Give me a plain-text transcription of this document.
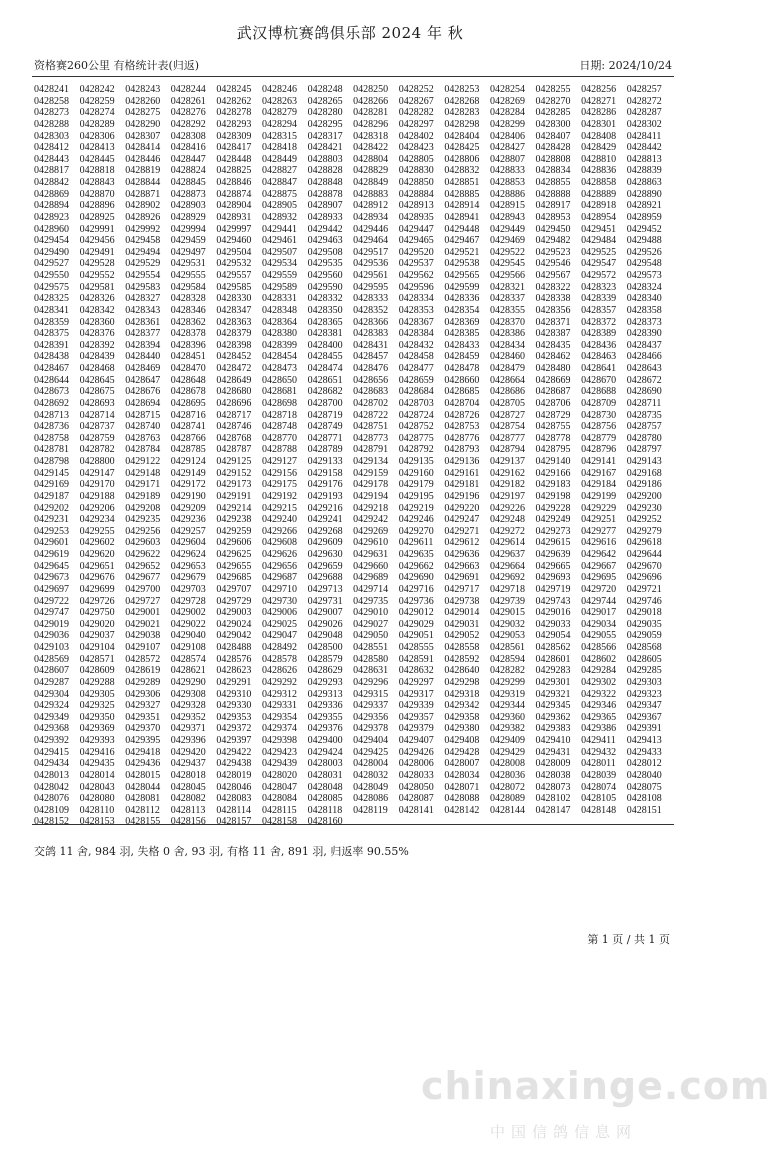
武汉博杭赛鸽俱乐部 2024 年 秋
资格赛260公里 有格统计表(归返)	日期: 2024/10/24
0428241	0428242	0428243	0428244	0428245	0428246	0428248	0428250	0428252	0428253	0428254	0428255	0428256	0428257
0428258	0428259	0428260	0428261	0428262	0428263	0428265	0428266	0428267	0428268	0428269	0428270	0428271	0428272
0428273	0428274	0428275	0428276	0428278	0428279	0428280	0428281	0428282	0428283	0428284	0428285	0428286	0428287
0428288	0428289	0428290	0428292	0428293	0428294	0428295	0428296	0428297	0428298	0428299	0428300	0428301	0428302
0428303	0428306	0428307	0428308	0428309	0428315	0428317	0428318	0428402	0428404	0428406	0428407	0428408	0428411
0428412	0428413	0428414	0428416	0428417	0428418	0428421	0428422	0428423	0428425	0428427	0428428	0428429	0428442
0428443	0428445	0428446	0428447	0428448	0428449	0428803	0428804	0428805	0428806	0428807	0428808	0428810	0428813
0428817	0428818	0428819	0428824	0428825	0428827	0428828	0428829	0428830	0428832	0428833	0428834	0428836	0428839
0428842	0428843	0428844	0428845	0428846	0428847	0428848	0428849	0428850	0428851	0428853	0428855	0428858	0428863
0428869	0428870	0428871	0428873	0428874	0428875	0428878	0428883	0428884	0428885	0428886	0428888	0428889	0428890
0428894	0428896	0428902	0428903	0428904	0428905	0428907	0428912	0428913	0428914	0428915	0428917	0428918	0428921
0428923	0428925	0428926	0428929	0428931	0428932	0428933	0428934	0428935	0428941	0428943	0428953	0428954	0428959
0428960	0429991	0429992	0429994	0429997	0429441	0429442	0429446	0429447	0429448	0429449	0429450	0429451	0429452
0429454	0429456	0429458	0429459	0429460	0429461	0429463	0429464	0429465	0429467	0429469	0429482	0429484	0429488
0429490	0429491	0429494	0429497	0429504	0429507	0429508	0429517	0429520	0429521	0429522	0429523	0429525	0429526
0429527	0429528	0429529	0429531	0429532	0429534	0429535	0429536	0429537	0429538	0429545	0429546	0429547	0429548
0429550	0429552	0429554	0429555	0429557	0429559	0429560	0429561	0429562	0429565	0429566	0429567	0429572	0429573
0429575	0429581	0429583	0429584	0429585	0429589	0429590	0429595	0429596	0429599	0428321	0428322	0428323	0428324
0428325	0428326	0428327	0428328	0428330	0428331	0428332	0428333	0428334	0428336	0428337	0428338	0428339	0428340
0428341	0428342	0428343	0428346	0428347	0428348	0428350	0428352	0428353	0428354	0428355	0428356	0428357	0428358
0428359	0428360	0428361	0428362	0428363	0428364	0428365	0428366	0428367	0428369	0428370	0428371	0428372	0428373
0428375	0428376	0428377	0428378	0428379	0428380	0428381	0428383	0428384	0428385	0428386	0428387	0428389	0428390
0428391	0428392	0428394	0428396	0428398	0428399	0428400	0428431	0428432	0428433	0428434	0428435	0428436	0428437
0428438	0428439	0428440	0428451	0428452	0428454	0428455	0428457	0428458	0428459	0428460	0428462	0428463	0428466
0428467	0428468	0428469	0428470	0428472	0428473	0428474	0428476	0428477	0428478	0428479	0428480	0428641	0428643
0428644	0428645	0428647	0428648	0428649	0428650	0428651	0428656	0428659	0428660	0428664	0428669	0428670	0428672
0428673	0428675	0428676	0428678	0428680	0428681	0428682	0428683	0428684	0428685	0428686	0428687	0428688	0428690
0428692	0428693	0428694	0428695	0428696	0428698	0428700	0428702	0428703	0428704	0428705	0428706	0428709	0428711
0428713	0428714	0428715	0428716	0428717	0428718	0428719	0428722	0428724	0428726	0428727	0428729	0428730	0428735
0428736	0428737	0428740	0428741	0428746	0428748	0428749	0428751	0428752	0428753	0428754	0428755	0428756	0428757
0428758	0428759	0428763	0428766	0428768	0428770	0428771	0428773	0428775	0428776	0428777	0428778	0428779	0428780
0428781	0428782	0428784	0428785	0428787	0428788	0428789	0428791	0428792	0428793	0428794	0428795	0428796	0428797
0428798	0428800	0429122	0429124	0429125	0429127	0429133	0429134	0429135	0429136	0429137	0429140	0429141	0429143
0429145	0429147	0429148	0429149	0429152	0429156	0429158	0429159	0429160	0429161	0429162	0429166	0429167	0429168
0429169	0429170	0429171	0429172	0429173	0429175	0429176	0429178	0429179	0429181	0429182	0429183	0429184	0429186
0429187	0429188	0429189	0429190	0429191	0429192	0429193	0429194	0429195	0429196	0429197	0429198	0429199	0429200
0429202	0429206	0429208	0429209	0429214	0429215	0429216	0429218	0429219	0429220	0429226	0429228	0429229	0429230
0429231	0429234	0429235	0429236	0429238	0429240	0429241	0429242	0429246	0429247	0429248	0429249	0429251	0429252
0429253	0429255	0429256	0429257	0429259	0429266	0429268	0429269	0429270	0429271	0429272	0429273	0429277	0429279
0429601	0429602	0429603	0429604	0429606	0429608	0429609	0429610	0429611	0429612	0429614	0429615	0429616	0429618
0429619	0429620	0429622	0429624	0429625	0429626	0429630	0429631	0429635	0429636	0429637	0429639	0429642	0429644
0429645	0429651	0429652	0429653	0429655	0429656	0429659	0429660	0429662	0429663	0429664	0429665	0429667	0429670
0429673	0429676	0429677	0429679	0429685	0429687	0429688	0429689	0429690	0429691	0429692	0429693	0429695	0429696
0429697	0429699	0429700	0429703	0429707	0429710	0429713	0429714	0429716	0429717	0429718	0429719	0429720	0429721
0429722	0429726	0429727	0429728	0429729	0429730	0429731	0429735	0429736	0429738	0429739	0429743	0429744	0429746
0429747	0429750	0429001	0429002	0429003	0429006	0429007	0429010	0429012	0429014	0429015	0429016	0429017	0429018
0429019	0429020	0429021	0429022	0429024	0429025	0429026	0429027	0429029	0429031	0429032	0429033	0429034	0429035
0429036	0429037	0429038	0429040	0429042	0429047	0429048	0429050	0429051	0429052	0429053	0429054	0429055	0429059
0429103	0429104	0429107	0429108	0428488	0428492	0428500	0428551	0428555	0428558	0428561	0428562	0428566	0428568
0428569	0428571	0428572	0428574	0428576	0428578	0428579	0428580	0428591	0428592	0428594	0428601	0428602	0428605
0428607	0428609	0428619	0428621	0428623	0428626	0428629	0428631	0428632	0428640	0428282	0429283	0429284	0429285
0429287	0429288	0429289	0429290	0429291	0429292	0429293	0429296	0429297	0429298	0429299	0429301	0429302	0429303
0429304	0429305	0429306	0429308	0429310	0429312	0429313	0429315	0429317	0429318	0429319	0429321	0429322	0429323
0429324	0429325	0429327	0429328	0429330	0429331	0429336	0429337	0429339	0429342	0429344	0429345	0429346	0429347
0429349	0429350	0429351	0429352	0429353	0429354	0429355	0429356	0429357	0429358	0429360	0429362	0429365	0429367
0429368	0429369	0429370	0429371	0429372	0429374	0429376	0429378	0429379	0429380	0429382	0429383	0429386	0429391
0429392	0429393	0429395	0429396	0429397	0429398	0429400	0429404	0429407	0429408	0429409	0429410	0429411	0429413
0429415	0429416	0429418	0429420	0429422	0429423	0429424	0429425	0429426	0429428	0429429	0429431	0429432	0429433
0429434	0429435	0429436	0429437	0429438	0429439	0428003	0428004	0428006	0428007	0428008	0428009	0428011	0428012
0428013	0428014	0428015	0428018	0428019	0428020	0428031	0428032	0428033	0428034	0428036	0428038	0428039	0428040
0428042	0428043	0428044	0428045	0428046	0428047	0428048	0428049	0428050	0428071	0428072	0428073	0428074	0428075
0428076	0428080	0428081	0428082	0428083	0428084	0428085	0428086	0428087	0428088	0428089	0428102	0428105	0428108
0428109	0428110	0428112	0428113	0428114	0428115	0428118	0428119	0428141	0428142	0428144	0428147	0428148	0428151
0428152	0428153	0428155	0428156	0428157	0428158	0428160
交鸽 11 舍, 984 羽, 失格 0 舍, 93 羽, 有格 11 舍, 891 羽, 归返率 90.55%
第 1 页 / 共 1 页
chinaxinge.com
中国信鸽信息网
